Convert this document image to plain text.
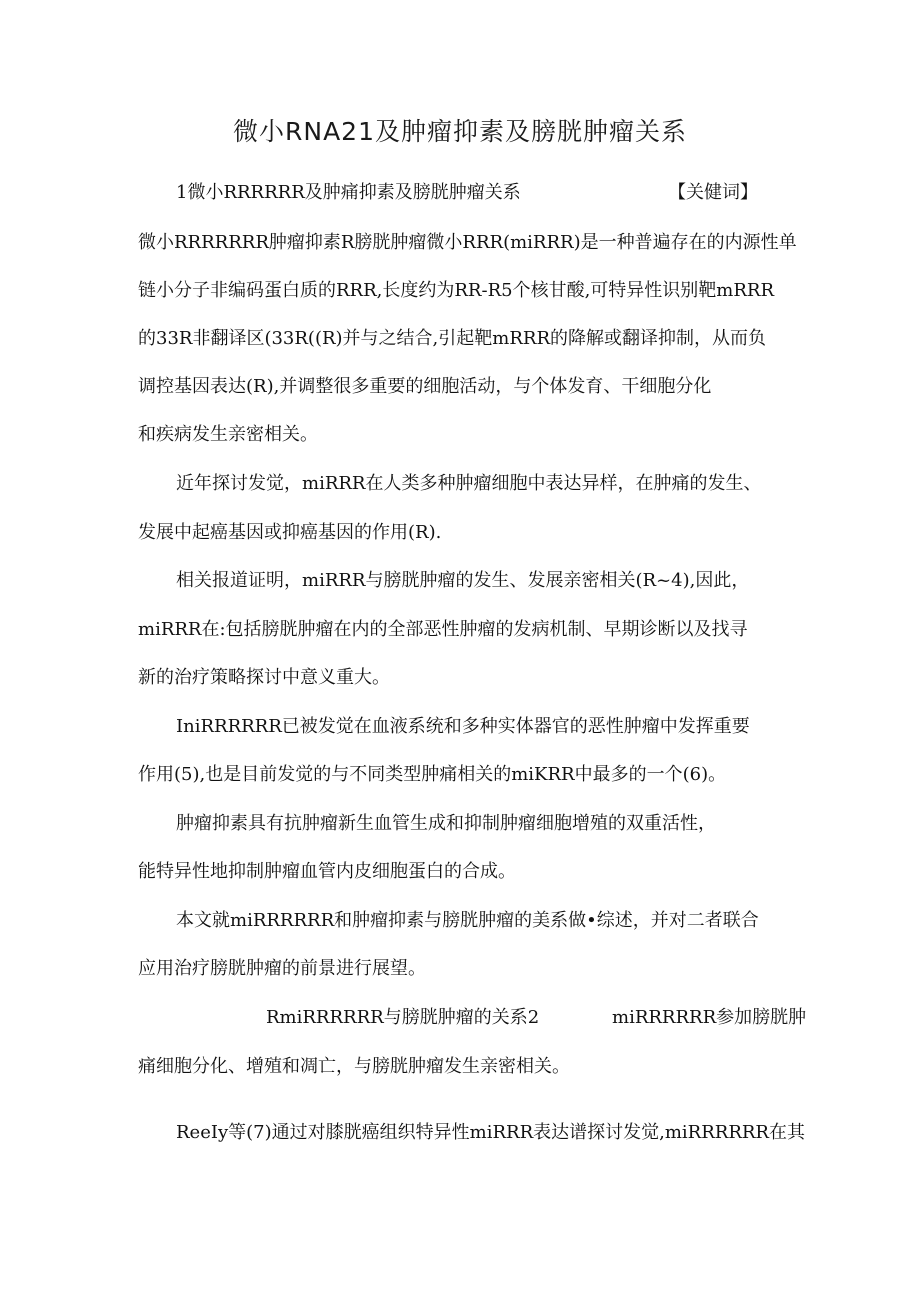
微小RNA21及肿瘤抑素及膀胱肿瘤关系
1微小RRRRRR及肿痛抑素及膀胱肿瘤关系	【关健词】
微小RRRRRRR肿瘤抑素R膀胱肿瘤微小RRR(miRRR)是一种普遍存在的内源性单
链小分子非编码蛋白质的RRR,长度约为RR-R5个核甘酸,可特异性识别靶mRRR
的33R非翻译区(33R((R)并与之结合,引起靶mRRR的降解或翻译抑制，从而负
调控基因表达(R),并调整很多重要的细胞活动，与个体发育、干细胞分化
和疾病发生亲密相关。
近年探讨发觉，miRRR在人类多种肿瘤细胞中表达异样，在肿痛的发生、
发展中起癌基因或抑癌基因的作用(R).
相关报道证明，miRRR与膀胱肿瘤的发生、发展亲密相关(R~4),因此，
miRRR在:包括膀胱肿瘤在内的全部恶性肿瘤的发病机制、早期诊断以及找寻
新的治疗策略探讨中意义重大。
IniRRRRRR已被发觉在血液系统和多种实体器官的恶性肿瘤中发挥重要
作用(5),也是目前发觉的与不同类型肿痛相关的miKRR中最多的一个(6)。
肿瘤抑素具有抗肿瘤新生血管生成和抑制肿瘤细胞增殖的双重活性，
能特异性地抑制肿瘤血管内皮细胞蛋白的合成。
本文就miRRRRRR和肿瘤抑素与膀胱肿瘤的美系做•综述，并对二者联合
应用治疗膀胱肿瘤的前景进行展望。
RmiRRRRRR与膀胱肿瘤的关系2	miRRRRRR参加膀胱肿
痛细胞分化、增殖和凋亡，与膀胱肿瘤发生亲密相关。
ReeIy等(7)通过对膝胱癌组织特异性miRRR表达谱探讨发觉,miRRRRRR在其
